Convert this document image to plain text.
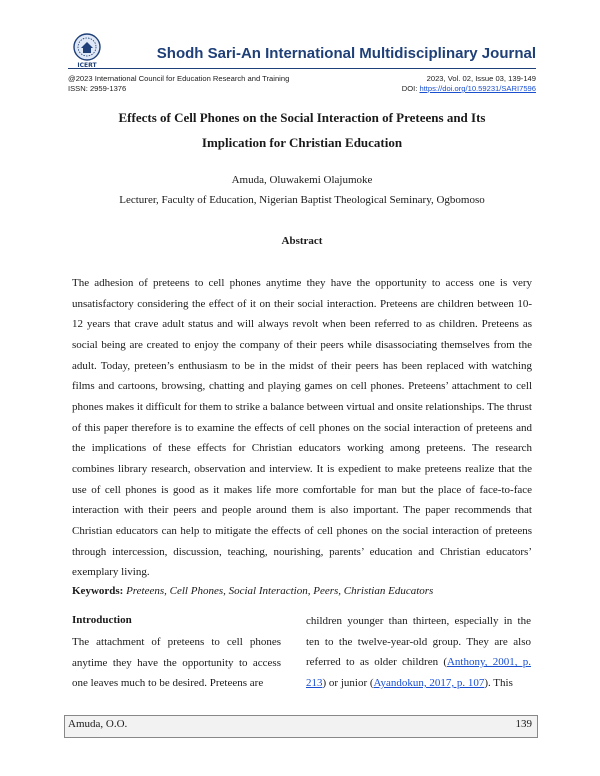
ICERT
Shodh Sari-An International Multidisciplinary Journal
@2023 International Council for Education Research and Training
ISSN: 2959-1376
2023, Vol. 02, Issue 03, 139-149
DOI: https://doi.org/10.59231/SARI7596
Effects of Cell Phones on the Social Interaction of Preteens and Its
Implication for Christian Education
Amuda, Oluwakemi Olajumoke
Lecturer, Faculty of Education, Nigerian Baptist Theological Seminary, Ogbomoso
Abstract
The adhesion of preteens to cell phones anytime they have the opportunity to access one is very unsatisfactory considering the effect of it on their social interaction. Preteens are children between 10-12 years that crave adult status and will always revolt when been referred to as children. Preteens as social being are created to enjoy the company of their peers while disassociating themselves from the adult. Today, preteen’s enthusiasm to be in the midst of their peers has been replaced with watching films and cartoons, browsing, chatting and playing games on cell phones. Preteens’ attachment to cell phones makes it difficult for them to strike a balance between virtual and onsite relationships. The thrust of this paper therefore is to examine the effects of cell phones on the social interaction of preteens and the implications of these effects for Christian educators working among preteens. The research combines library research, observation and interview. It is expedient to make preteens realize that the use of cell phones is good as it makes life more comfortable for man but the place of face-to-face interaction with their peers and people around them is also important. The paper recommends that Christian educators can help to mitigate the effects of cell phones on the social interaction of preteens through intercession, discussion, teaching, nourishing, parents’ education and Christian educators’ exemplary living.
Keywords: Preteens, Cell Phones, Social Interaction, Peers, Christian Educators
Introduction
The attachment of preteens to cell phones anytime they have the opportunity to access one leaves much to be desired. Preteens are
children younger than thirteen, especially in the ten to the twelve-year-old group. They are also referred to as older children (Anthony, 2001, p. 213) or junior (Ayandokun, 2017, p. 107). This
Amuda, O.O.	139
